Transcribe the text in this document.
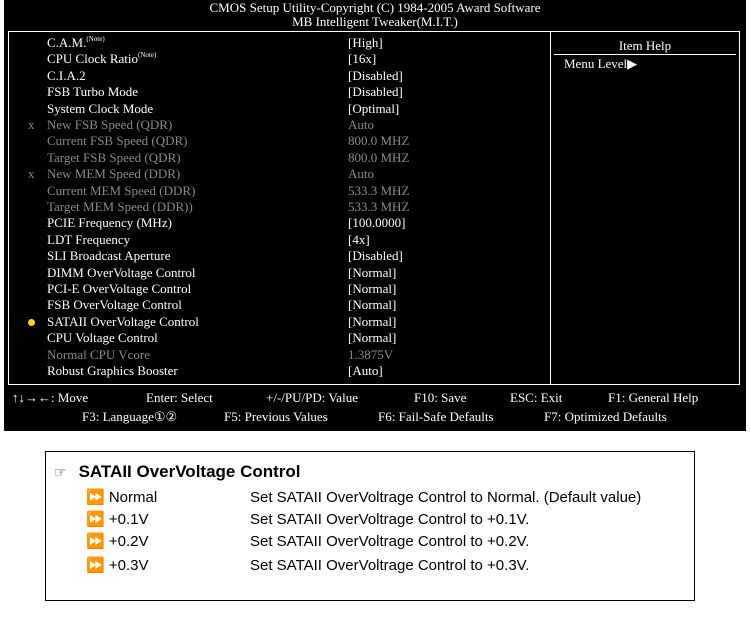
CMOS Setup Utility-Copyright (C) 1984-2005 Award Software
MB Intelligent Tweaker(M.I.T.)
C.A.M.$^{(Note)}$	[High]
CPU Clock Ratio$^{(Note)}$	[16x]
C.I.A.2	[Disabled]
FSB Turbo Mode	[Disabled]
System Clock Mode	[Optimal]
x New FSB Speed (QDR)	Auto
Current FSB Speed (QDR)	800.0 MHZ
Target FSB Speed (QDR)	800.0 MHZ
x New MEM Speed (DDR)	Auto
Current MEM Speed (DDR)	533.3 MHZ
Target MEM Speed (DDR))	533.3 MHZ
PCIE Frequency (MHz)	[100.0000]
LDT Frequency	[4x]
SLI Broadcast Aperture	[Disabled]
DIMM OverVoltage Control	[Normal]
PCI-E OverVoltage Control	[Normal]
FSB OverVoltage Control	[Normal]
SATAII OverVoltage Control	[Normal]
CPU Voltage Control	[Normal]
Normal CPU Vcore	1.3875V
Robust Graphics Booster	[Auto]
Item Help
Menu Level▶
↑↓→←: Move	Enter: Select	+/-/PU/PD: Value	F10: Save	ESC: Exit	F1: General Help
F3: Language①②	F5: Previous Values	F6: Fail-Safe Defaults	F7: Optimized Defaults
☞ SATAII OverVoltage Control
⏩ Normal	Set SATAII OverVoltrage Control to Normal. (Default value)
⏩ +0.1V	Set SATAII OverVoltrage Control to +0.1V.
⏩ +0.2V	Set SATAII OverVoltrage Control to +0.2V.
⏩ +0.3V	Set SATAII OverVoltrage Control to +0.3V.
